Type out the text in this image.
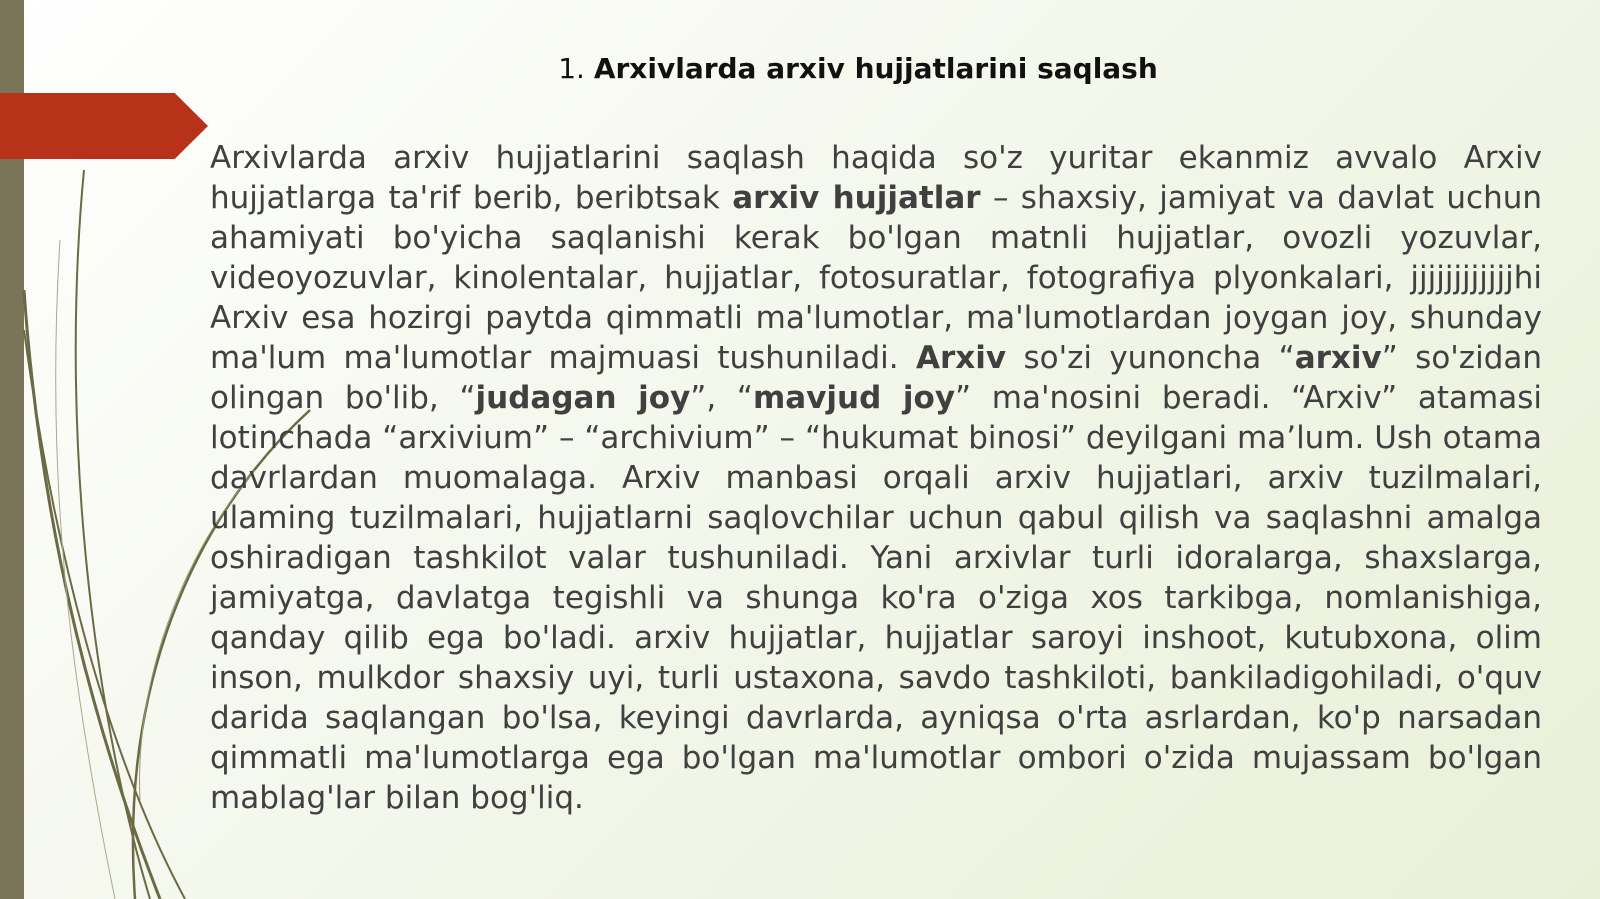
1. Arxivlarda arxiv hujjatlarini saqlash

Arxivlarda arxiv hujjatlarini saqlash haqida so'z yuritar ekanmiz avvalo Arxiv hujjatlarga ta'rif berib, beribtsak arxiv hujjatlar – shaxsiy, jamiyat va davlat uchun ahamiyati bo'yicha saqlanishi kerak bo'lgan matnli hujjatlar, ovozli yozuvlar, videoyozuvlar, kinolentalar, hujjatlar, fotosuratlar, fotografiya plyonkalari, jjjjjjjjjjjjhi Arxiv esa hozirgi paytda qimmatli ma'lumotlar, ma'lumotlardan joygan joy, shunday ma'lum ma'lumotlar majmuasi tushuniladi. Arxiv so'zi yunoncha “arxiv” so'zidan olingan bo'lib, “judagan joy”, “mavjud joy” ma'nosini beradi. “Arxiv” atamasi lotinchada “arxivium” – “archivium” – “hukumat binosi” deyilgani ma’lum. Ush otama davrlardan muomalaga. Arxiv manbasi orqali arxiv hujjatlari, arxiv tuzilmalari, ulaming tuzilmalari, hujjatlarni saqlovchilar uchun qabul qilish va saqlashni amalga oshiradigan tashkilot valar tushuniladi. Yani arxivlar turli idoralarga, shaxslarga, jamiyatga, davlatga tegishli va shunga ko'ra o'ziga xos tarkibga, nomlanishiga, qanday qilib ega bo'ladi. arxiv hujjatlar, hujjatlar saroyi inshoot, kutubxona, olim inson, mulkdor shaxsiy uyi, turli ustaxona, savdo tashkiloti, bankiladigohiladi, o'quv darida saqlangan bo'lsa, keyingi davrlarda, ayniqsa o'rta asrlardan, ko'p narsadan qimmatli ma'lumotlarga ega bo'lgan ma'lumotlar ombori o'zida mujassam bo'lgan mablag'lar bilan bog'liq.
